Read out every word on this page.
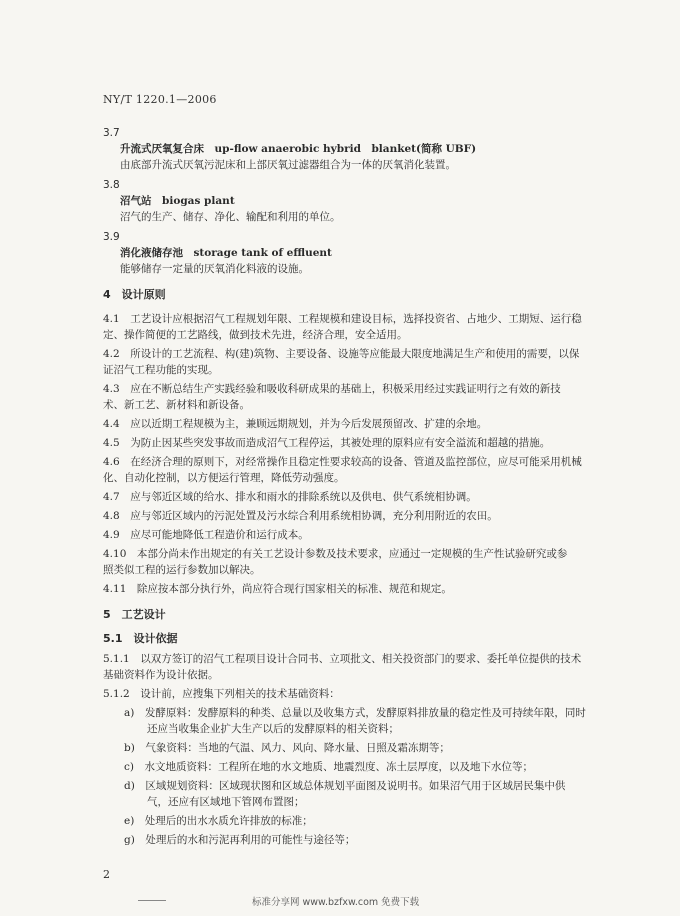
NY/T 1220.1—2006
3.7
升流式厌氧复合床　up-flow anaerobic hybrid　blanket(简称 UBF)
由底部升流式厌氧污泥床和上部厌氧过滤器组合为一体的厌氧消化装置。
3.8
沼气站　biogas plant
沼气的生产、储存、净化、输配和利用的单位。
3.9
消化液储存池　storage tank of effluent
能够储存一定量的厌氧消化料液的设施。
4　设计原则
4.1　工艺设计应根据沼气工程规划年限、工程规模和建设目标，选择投资省、占地少、工期短、运行稳
定、操作简便的工艺路线，做到技术先进，经济合理，安全适用。
4.2　所设计的工艺流程、构(建)筑物、主要设备、设施等应能最大限度地满足生产和使用的需要，以保
证沼气工程功能的实现。
4.3　应在不断总结生产实践经验和吸收科研成果的基础上，积极采用经过实践证明行之有效的新技
术、新工艺、新材料和新设备。
4.4　应以近期工程规模为主，兼顾远期规划，并为今后发展预留改、扩建的余地。
4.5　为防止因某些突发事故而造成沼气工程停运，其被处理的原料应有安全溢流和超越的措施。
4.6　在经济合理的原则下，对经常操作且稳定性要求较高的设备、管道及监控部位，应尽可能采用机械
化、自动化控制，以方便运行管理，降低劳动强度。
4.7　应与邻近区域的给水、排水和雨水的排除系统以及供电、供气系统相协调。
4.8　应与邻近区域内的污泥处置及污水综合利用系统相协调，充分利用附近的农田。
4.9　应尽可能地降低工程造价和运行成本。
4.10　本部分尚未作出规定的有关工艺设计参数及技术要求，应通过一定规模的生产性试验研究或参
照类似工程的运行参数加以解决。
4.11　除应按本部分执行外，尚应符合现行国家相关的标准、规范和规定。
5　工艺设计
5.1　设计依据
5.1.1　以双方签订的沼气工程项目设计合同书、立项批文、相关投资部门的要求、委托单位提供的技术
基础资料作为设计依据。
5.1.2　设计前，应搜集下列相关的技术基础资料：
a)　发酵原料：发酵原料的种类、总量以及收集方式，发酵原料排放量的稳定性及可持续年限，同时
还应当收集企业扩大生产以后的发酵原料的相关资料；
b)　气象资料：当地的气温、风力、风向、降水量、日照及霜冻期等；
c)　水文地质资料：工程所在地的水文地质、地震烈度、冻土层厚度，以及地下水位等；
d)　区域规划资料：区域现状图和区域总体规划平面图及说明书。如果沼气用于区域居民集中供
气，还应有区域地下管网布置图；
e)　处理后的出水水质允许排放的标准；
g)　处理后的水和污泥再利用的可能性与途径等；
2
标准分享网 www.bzfxw.com 免费下载
